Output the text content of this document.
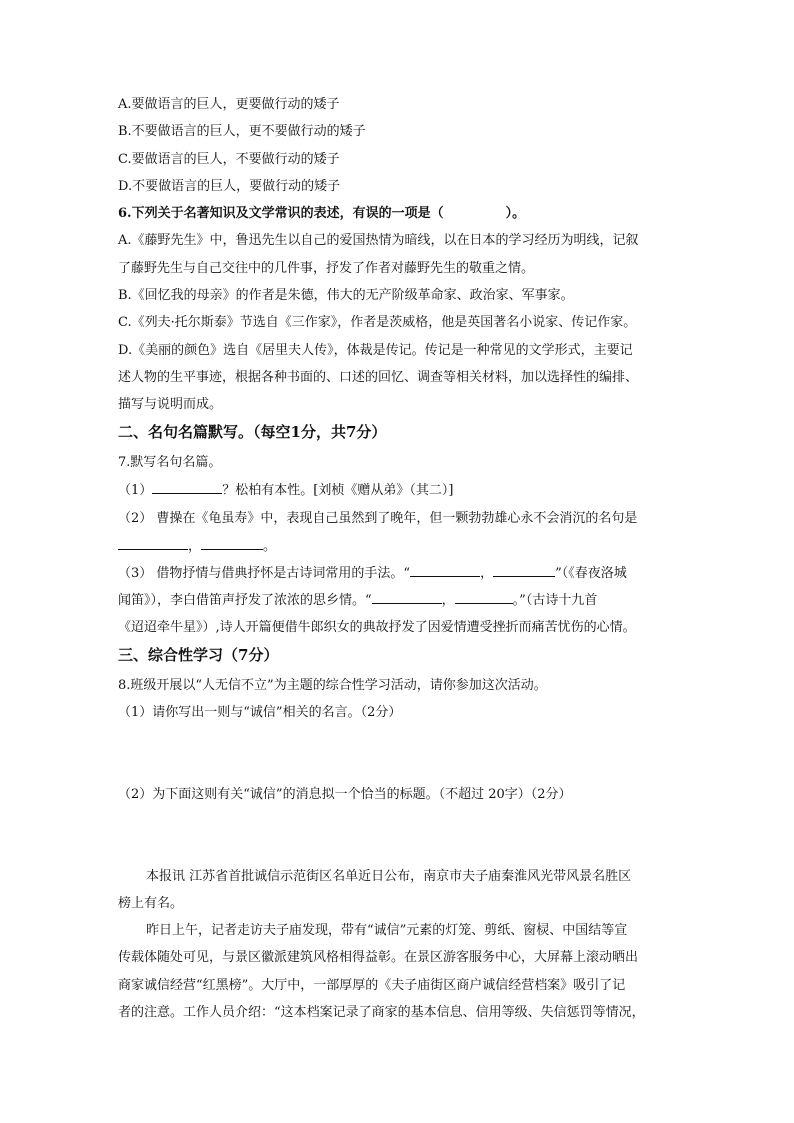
A.要做语言的巨人，更要做行动的矮子
B.不要做语言的巨人，更不要做行动的矮子
C.要做语言的巨人，不要做行动的矮子
D.不要做语言的巨人，要做行动的矮子
6.下列关于名著知识及文学常识的表述，有误的一项是（	）。
A.《藤野先生》中，鲁迅先生以自己的爱国热情为暗线，以在日本的学习经历为明线，记叙
了藤野先生与自己交往中的几件事，抒发了作者对藤野先生的敬重之情。
B.《回忆我的母亲》的作者是朱德，伟大的无产阶级革命家、政治家、军事家。
C.《列夫·托尔斯泰》节选自《三作家》，作者是茨威格，他是英国著名小说家、传记作家。
D.《美丽的颜色》选自《居里夫人传》，体裁是传记。传记是一种常见的文学形式，主要记
述人物的生平事迹，根据各种书面的、口述的回忆、调查等相关材料，加以选择性的编排、
描写与说明而成。
二、名句名篇默写。（每空1分，共7分）
7.默写名句名篇。
（1）	？松柏有本性。[刘桢《赠从弟》（其二）]
（2） 曹操在《龟虽寿》中，表现自己虽然到了晚年，但一颗勃勃雄心永不会消沉的名句是
，	。
（3） 借物抒情与借典抒怀是古诗词常用的手法。“	，	”（《春夜洛城
闻笛》），李白借笛声抒发了浓浓的思乡情。“	，	。”（古诗十九首
《迢迢牵牛星》）,诗人开篇便借牛郎织女的典故抒发了因爱情遭受挫折而痛苦忧伤的心情。
三、综合性学习（7分）
8.班级开展以“人无信不立”为主题的综合性学习活动，请你参加这次活动。
（1）请你写出一则与“诚信”相关的名言。（2分）
（2）为下面这则有关“诚信”的消息拟一个恰当的标题。（不超过 20字）（2分）
本报讯 江苏省首批诚信示范街区名单近日公布，南京市夫子庙秦淮风光带风景名胜区
榜上有名。
昨日上午，记者走访夫子庙发现，带有“诚信”元素的灯笼、剪纸、窗棂、中国结等宣
传载体随处可见，与景区徽派建筑风格相得益彰。在景区游客服务中心，大屏幕上滚动晒出
商家诚信经营“红黑榜”。大厅中，一部厚厚的《夫子庙街区商户诚信经营档案》吸引了记
者的注意。工作人员介绍：“这本档案记录了商家的基本信息、信用等级、失信惩罚等情况，
